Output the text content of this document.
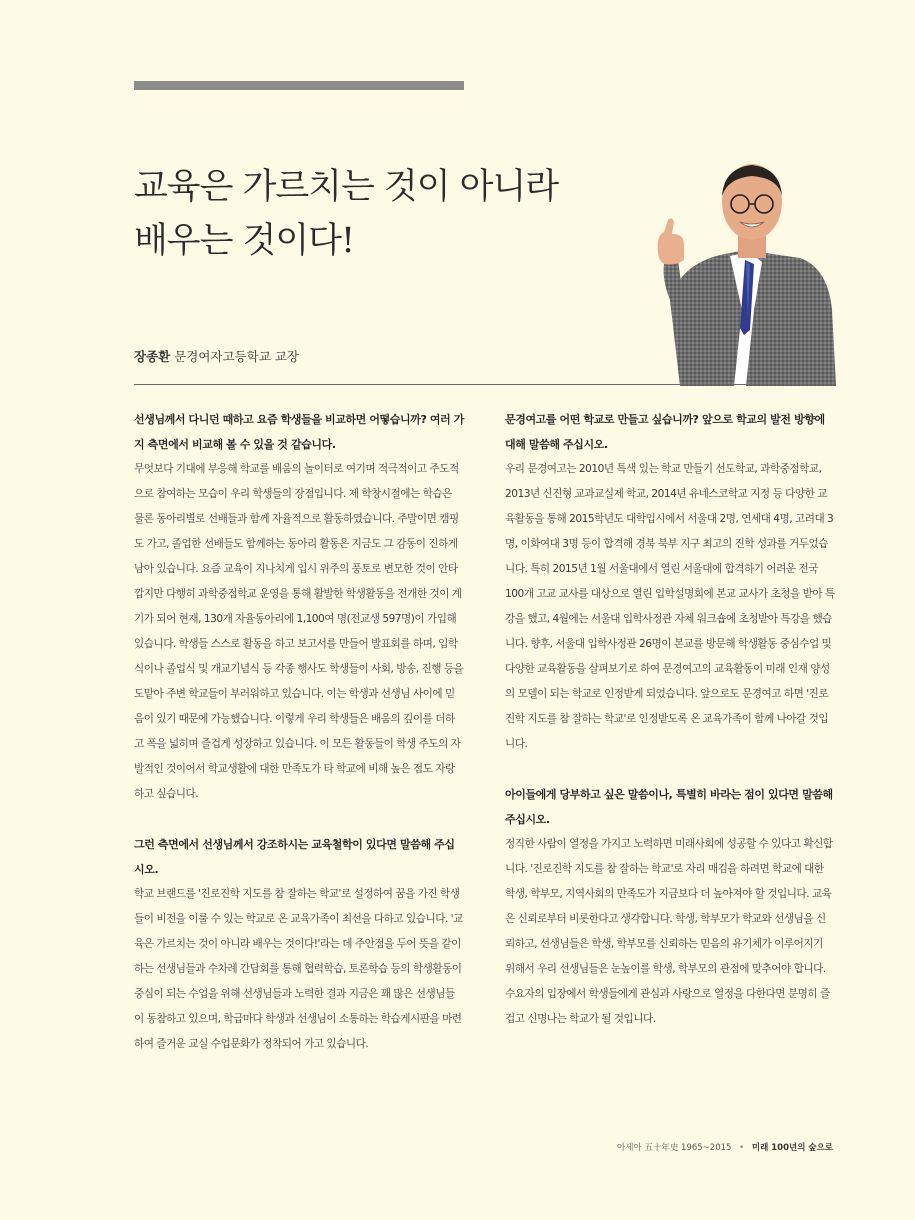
교육은 가르치는 것이 아니라
배우는 것이다!
장종환 문경여자고등학교 교장

선생님께서 다니던 때하고 요즘 학생들을 비교하면 어떻습니까? 여러 가지 측면에서 비교해 볼 수 있을 것 같습니다.

무엇보다 기대에 부응해 학교를 배움의 놀이터로 여기며 적극적이고 주도적으로 참여하는 모습이 우리 학생들의 장점입니다. 제 학창시절에는 학습은 물론 동아리별로 선배들과 함께 자율적으로 활동하였습니다. 주말이면 캠핑도 가고, 졸업한 선배들도 함께하는 동아리 활동은 지금도 그 감동이 진하게 남아 있습니다. 요즘 교육이 지나치게 입시 위주의 풍토로 변모한 것이 안타깝지만 다행히 과학중점학교 운영을 통해 활발한 학생활동을 전개한 것이 계기가 되어 현재, 130개 자율동아리에 1,100여 명(전교생 597명)이 가입해 있습니다. 학생들 스스로 활동을 하고 보고서를 만들어 발표회를 하며, 입학식이나 졸업식 및 개교기념식 등 각종 행사도 학생들이 사회, 방송, 진행 등을 도맡아 주변 학교들이 부러워하고 있습니다. 이는 학생과 선생님 사이에 믿음이 있기 때문에 가능했습니다. 이렇게 우리 학생들은 배움의 깊이를 더하고 폭을 넓히며 즐겁게 성장하고 있습니다. 이 모든 활동들이 학생 주도의 자발적인 것이어서 학교생활에 대한 만족도가 타 학교에 비해 높은 점도 자랑하고 싶습니다.

그런 측면에서 선생님께서 강조하시는 교육철학이 있다면 말씀해 주십시오.

학교 브랜드를 '진로진학 지도를 참 잘하는 학교'로 설정하여 꿈을 가진 학생들이 비전을 이룰 수 있는 학교로 온 교육가족이 최선을 다하고 있습니다. '교육은 가르치는 것이 아니라 배우는 것이다!'라는 데 주안점을 두어 뜻을 같이하는 선생님들과 수차례 간담회를 통해 협력학습, 토론학습 등의 학생활동이 중심이 되는 수업을 위해 선생님들과 노력한 결과 지금은 꽤 많은 선생님들이 동참하고 있으며, 학급마다 학생과 선생님이 소통하는 학습게시판을 마련하여 즐거운 교실 수업문화가 정착되어 가고 있습니다.

문경여고를 어떤 학교로 만들고 싶습니까? 앞으로 학교의 발전 방향에 대해 말씀해 주십시오.

우리 문경여고는 2010년 특색 있는 학교 만들기 선도학교, 과학중점학교, 2013년 신진형 교과교실제 학교, 2014년 유네스코학교 지정 등 다양한 교육활동을 통해 2015학년도 대학입시에서 서울대 2명, 연세대 4명, 고려대 3명, 이화여대 3명 등이 합격해 경북 북부 지구 최고의 진학 성과를 거두었습니다. 특히 2015년 1월 서울대에서 열린 서울대에 합격하기 어려운 전국 100개 고교 교사를 대상으로 열린 입학설명회에 본교 교사가 초청을 받아 특강을 했고, 4월에는 서울대 입학사정관 자체 워크숍에 초청받아 특강을 했습니다. 향후, 서울대 입학사정관 26명이 본교를 방문해 학생활동 중심수업 및 다양한 교육활동을 살펴보기로 하여 문경여고의 교육활동이 미래 인재 양성의 모델이 되는 학교로 인정받게 되었습니다. 앞으로도 문경여고 하면 '진로진학 지도를 참 잘하는 학교'로 인정받도록 온 교육가족이 함께 나아갈 것입니다.

아이들에게 당부하고 싶은 말씀이나, 특별히 바라는 점이 있다면 말씀해 주십시오.

정직한 사람이 열정을 가지고 노력하면 미래사회에 성공할 수 있다고 확신합니다. '진로진학 지도를 참 잘하는 학교'로 자리 매김을 하려면 학교에 대한 학생, 학부모, 지역사회의 만족도가 지금보다 더 높아져야 할 것입니다. 교육은 신뢰로부터 비롯한다고 생각합니다. 학생, 학부모가 학교와 선생님을 신뢰하고, 선생님들은 학생, 학부모를 신뢰하는 믿음의 유기체가 이루어지기 위해서 우리 선생님들은 눈높이를 학생, 학부모의 관점에 맞추어야 합니다. 수요자의 입장에서 학생들에게 관심과 사랑으로 열정을 다한다면 분명히 즐겁고 신명나는 학교가 될 것입니다.

아세아 五十年史 1965~2015 • 미래 100년의 숲으로
